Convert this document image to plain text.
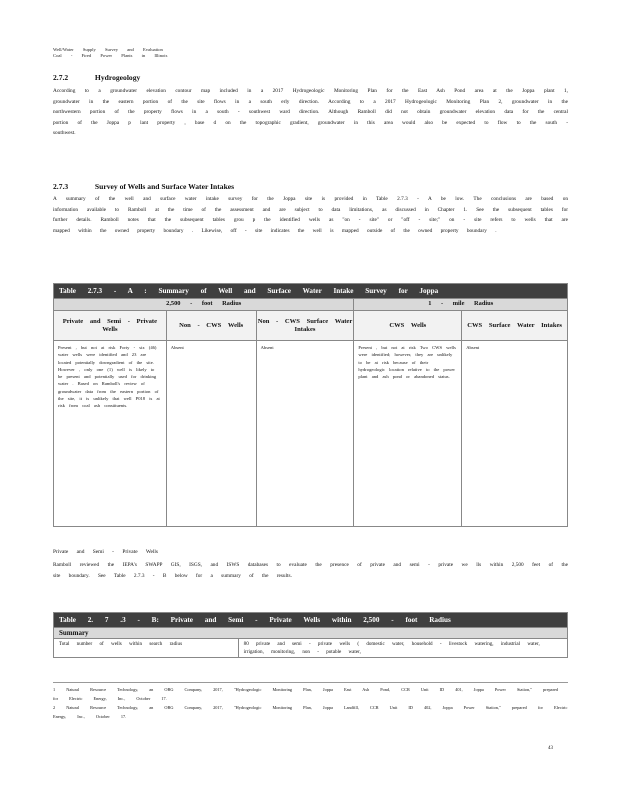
Well/Water Supply Survey and Evaluation
Coal - Fired Power Plants in Illinois
2.7.2	Hydrogeology
According to a groundwater elevation contour map included in a 2017 Hydrogeologic Monitoring Plan for the East Ash Pond area at the Joppa plant 1, groundwater in the eastern portion of the site flows in a south erly direction. According to a 2017 Hydrogeologic Monitoring Plan 2, groundwater in the northwestern portion of the property flows in a south - southwest ward direction. Although Ramboll did not obtain groundwater elevation data for the central portion of the Joppa p lant property , base d on the topographic gradient, groundwater in this area would also be expected to flow to the south - southwest.
2.7.3	Survey of Wells and Surface Water Intakes
A summary of the well and surface water intake survey for the Joppa site is provided in Table 2.7.3 - A be low. The conclusions are based on information available to Ramboll at the time of the assessment and are subject to data limitations, as discussed in Chapter 1. See the subsequent tables for further details. Ramboll notes that the subsequent tables grou p the identified wells as "on - site" or "off - site;" on - site refers to wells that are mapped within the owned property boundary . Likewise, off - site indicates the well is mapped outside of the owned property boundary .
Table 2.7.3 - A : Summary of Well and Surface Water Intake Survey for Joppa				
2,500 - foot Radius			1 - mile Radius	
Private and Semi - Private Wells	Non - CWS Wells	Non - CWS Surface Water Intakes	CWS Wells	CWS Surface Water Intakes
Present , but not at risk Forty - six (46) water wells were identified and 23 are located potentially downgradient of the site. However , only one (1) well is likely to be present and potentially used for drinking water . Based on Ramboll's review of groundwater data from the eastern portion of the site, it is unlikely that well P018 is at risk from coal ash constituents.	Absent	Absent	Present , but not at risk Two CWS wells were identified; however, they are unlikely to be at risk because of their hydrogeologic location relative to the power plant and ash pond or abandoned status.	Absent
Private and Semi - Private Wells
Ramboll reviewed the IEPA's SWAPP GIS, ISGS, and ISWS databases to evaluate the presence of private and semi - private we lls within 2,500 feet of the site boundary. See Table 2.7.3 - B below for a summary of the results.
Table 2. 7 .3 - B: Private and Semi - Private Wells within 2,500 - foot Radius
Summary
Total number of wells within search radius	80 private and semi - private wells ( domestic water, household - livestock watering, industrial water, irrigation, monitoring, non - potable water,
1 Natural Resource Technology, an OBG Company, 2017, "Hydrogeologic Monitoring Plan, Joppa East Ash Pond, CCR Unit ID 401, Joppa Power Station," prepared for Electric Energy, Inc., October 17.
2 Natural Resource Technology, an OBG Company, 2017, "Hydrogeologic Monitoring Plan, Joppa Landfill, CCR Unit ID 402, Joppa Power Station," prepared for Electric Energy, Inc., October 17.
43
